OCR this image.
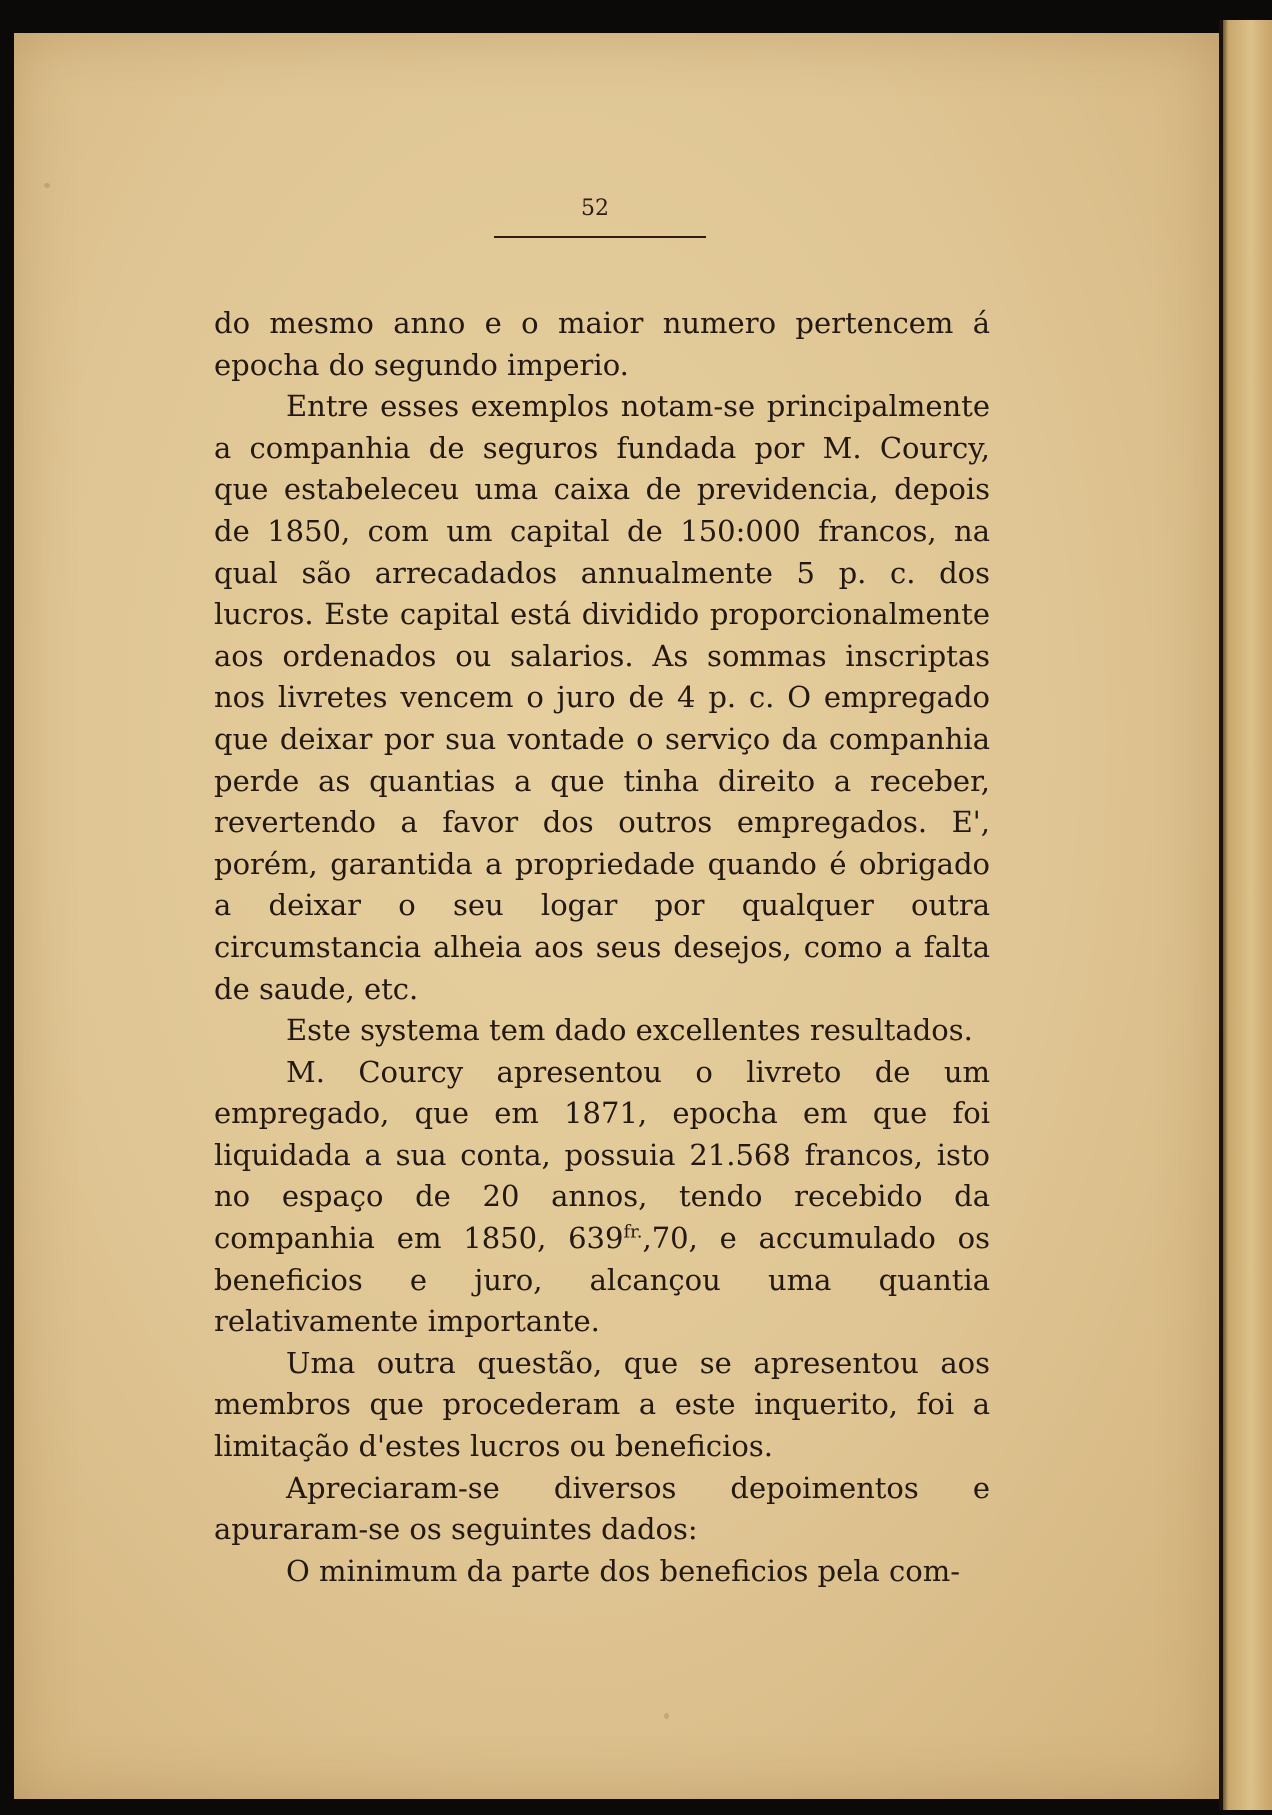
52

do mesmo anno e o maior numero pertencem á epocha do segundo imperio.

Entre esses exemplos notam-se principalmente a companhia de seguros fundada por M. Courcy, que estabeleceu uma caixa de previdencia, depois de 1850, com um capital de 150:000 francos, na qual são arrecadados annualmente 5 p. c. dos lucros. Este capital está dividido proporcionalmente aos ordenados ou salarios. As sommas inscriptas nos livretes vencem o juro de 4 p. c. O empregado que deixar por sua vontade o serviço da companhia perde as quantias a que tinha direito a receber, revertendo a favor dos outros empregados. E', porém, garantida a propriedade quando é obrigado a deixar o seu logar por qualquer outra circumstancia alheia aos seus desejos, como a falta de saude, etc.

Este systema tem dado excellentes resultados.

M. Courcy apresentou o livreto de um empregado, que em 1871, epocha em que foi liquidada a sua conta, possuia 21.568 francos, isto no espaço de 20 annos, tendo recebido da companhia em 1850, $639^{fr.},70$, e accumulado os beneficios e juro, alcançou uma quantia relativamente importante.

Uma outra questão, que se apresentou aos membros que procederam a este inquerito, foi a limitação d'estes lucros ou beneficios.

Apreciaram-se diversos depoimentos e apuraram-se os seguintes dados:

O minimum da parte dos beneficios pela com-
